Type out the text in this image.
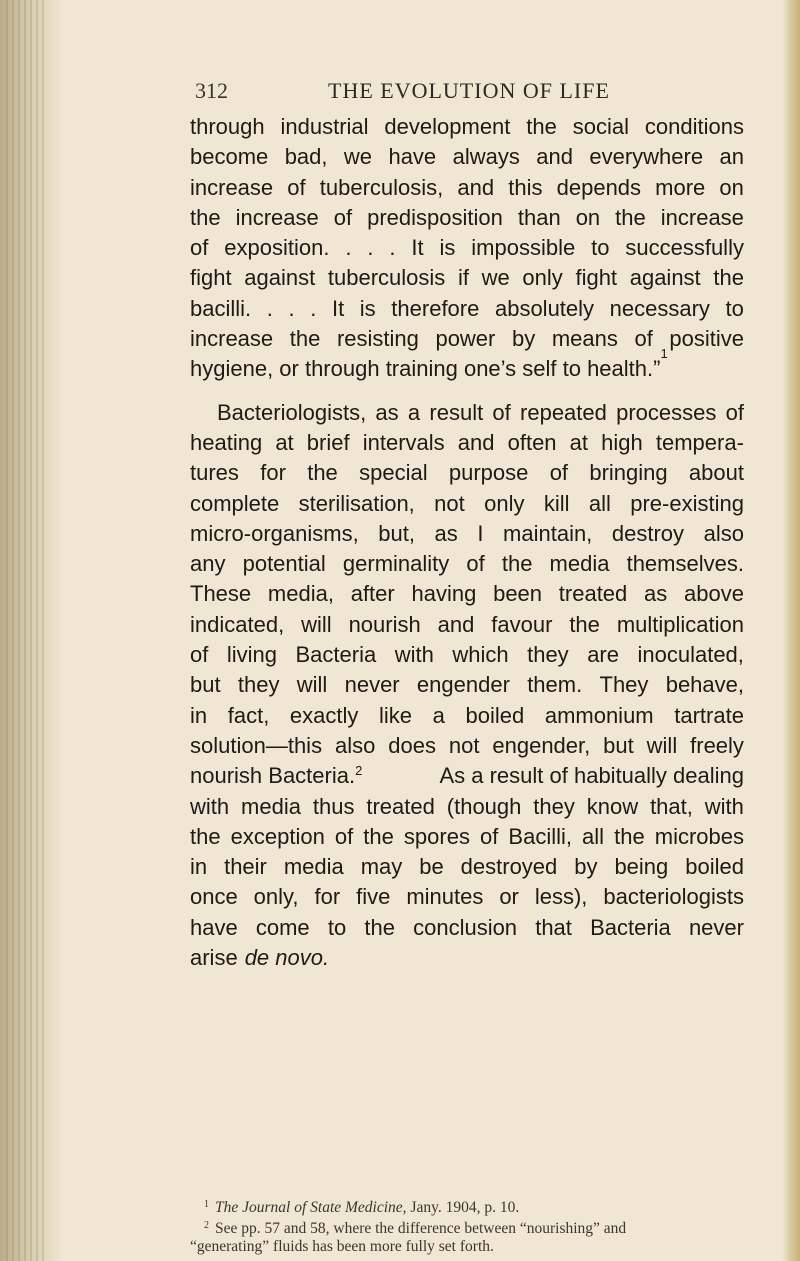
312	THE EVOLUTION OF LIFE
through industrial development the social conditions
become bad, we have always and everywhere an
increase of tuberculosis, and this depends more on
the increase of predisposition than on the increase
of exposition. . . . It is impossible to successfully
fight against tuberculosis if we only fight against the
bacilli. . . . It is therefore absolutely necessary to
increase the resisting power by means of positive
hygiene, or through training one’s self to health.”
1
Bacteriologists, as a result of repeated processes of
heating at brief intervals and often at high tempera-
tures for the special purpose of bringing about
complete sterilisation, not only kill all pre-existing
micro-organisms, but, as I maintain, destroy also
any potential germinality of the media themselves.
These media, after having been treated as above
indicated, will nourish and favour the multiplication
of living Bacteria with which they are inoculated,
but they will never engender them. They behave,
in fact, exactly like a boiled ammonium tartrate
solution—this also does not engender, but will freely
nourish Bacteria.$^2$	As a result of habitually dealing
with media thus treated (though they know that, with
the exception of the spores of Bacilli, all the microbes
in their media may be destroyed by being boiled
once only, for five minutes or less), bacteriologists
have come to the conclusion that Bacteria never
arise de novo.
$^1$ The Journal of State Medicine, Jany. 1904, p. 10.
$^2$ See pp. 57 and 58, where the difference between “nourishing” and
“generating” fluids has been more fully set forth.
